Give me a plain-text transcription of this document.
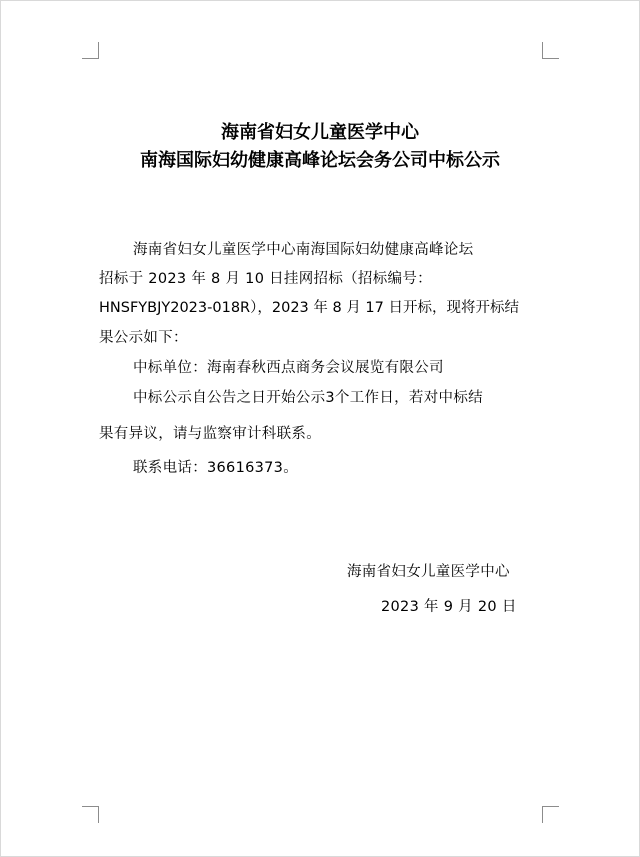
海南省妇女儿童医学中心
南海国际妇幼健康高峰论坛会务公司中标公示
海南省妇女儿童医学中心南海国际妇幼健康高峰论坛
招标于 2023 年 8 月 10 日挂网招标（招标编号：
HNSFYBJY2023-018R），2023 年 8 月 17 日开标，现将开标结
果公示如下：
中标单位：海南春秋西点商务会议展览有限公司
中标公示自公告之日开始公示3个工作日，若对中标结
果有异议，请与监察审计科联系。
联系电话：36616373。
海南省妇女儿童医学中心
2023 年 9 月 20 日
